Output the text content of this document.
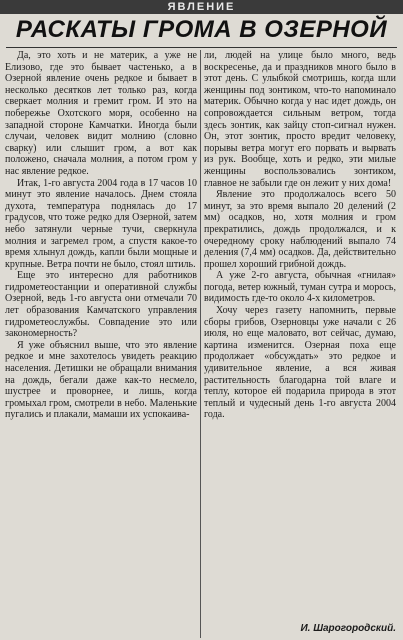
ЯВЛЕНИЕ
РАСКАТЫ ГРОМА В ОЗЕРНОЙ

Да, это хоть и не материк, а уже не Елизово, где это бывает частенько, а в Озерной явление очень редкое и бывает в несколько десятков лет только раз, когда сверкает молния и гремит гром. И это на побережье Охотского моря, особенно на западной стороне Камчатки. Иногда были случаи, человек видит молнию (словно сварку) или слышит гром, а вот как положено, сначала молния, а потом гром у нас явление редкое.

Итак, 1-го августа 2004 года в 17 часов 10 минут это явление началось. Днем стояла духота, температура поднялась до 17 градусов, что тоже редко для Озерной, затем небо затянули черные тучи, сверкнула молния и загремел гром, а спустя какое-то время хлынул дождь, капли были мощные и крупные. Ветра почти не было, стоял штиль.

Еще это интересно для работников гидрометеостанции и оперативной службы Озерной, ведь 1-го августа они отмечали 70 лет образования Камчатского управления гидрометеослужбы. Совпадение это или закономерность?

Я уже объяснил выше, что это явление редкое и мне захотелось увидеть реакцию населения. Детишки не обращали внимания на дождь, бегали даже как-то несмело, шустрее и проворнее, и лишь, когда громыхал гром, смотрели в небо. Маленькие пугались и плакали, мамаши их успокаива-

ли, людей на улице было много, ведь воскресенье, да и праздников много было в этот день. С улыбкой смотришь, когда шли женщины под зонтиком, что-то напоминало материк. Обычно когда у нас идет дождь, он сопровождается сильным ветром, тогда здесь зонтик, как зайцу стоп-сигнал нужен. Он, этот зонтик, просто вредит человеку, порывы ветра могут его порвать и вырвать из рук. Вообще, хоть и редко, эти милые женщины воспользовались зонтиком, главное не забыли где он лежит у них дома!

Явление это продолжалось всего 50 минут, за это время выпало 20 делений (2 мм) осадков, но, хотя молния и гром прекратились, дождь продолжался, и к очередному сроку наблюдений выпало 74 деления (7,4 мм) осадков. Да, действительно прошел хороший грибной дождь.

А уже 2-го августа, обычная «гнилая» погода, ветер южный, туман сутра и морось, видимость где-то около 4-х километров.

Хочу через газету напомнить, первые сборы грибов, Озерновцы уже начали с 26 июля, но еще маловато, вот сейчас, думаю, картина изменится. Озерная поха еще продолжает «обсуждать» это редкое и удивительное явление, а вся живая растительность благодарна той влаге и теплу, которое ей подарила природа в этот теплый и чудесный день 1-го августа 2004 года.

И. Шарогородский.
